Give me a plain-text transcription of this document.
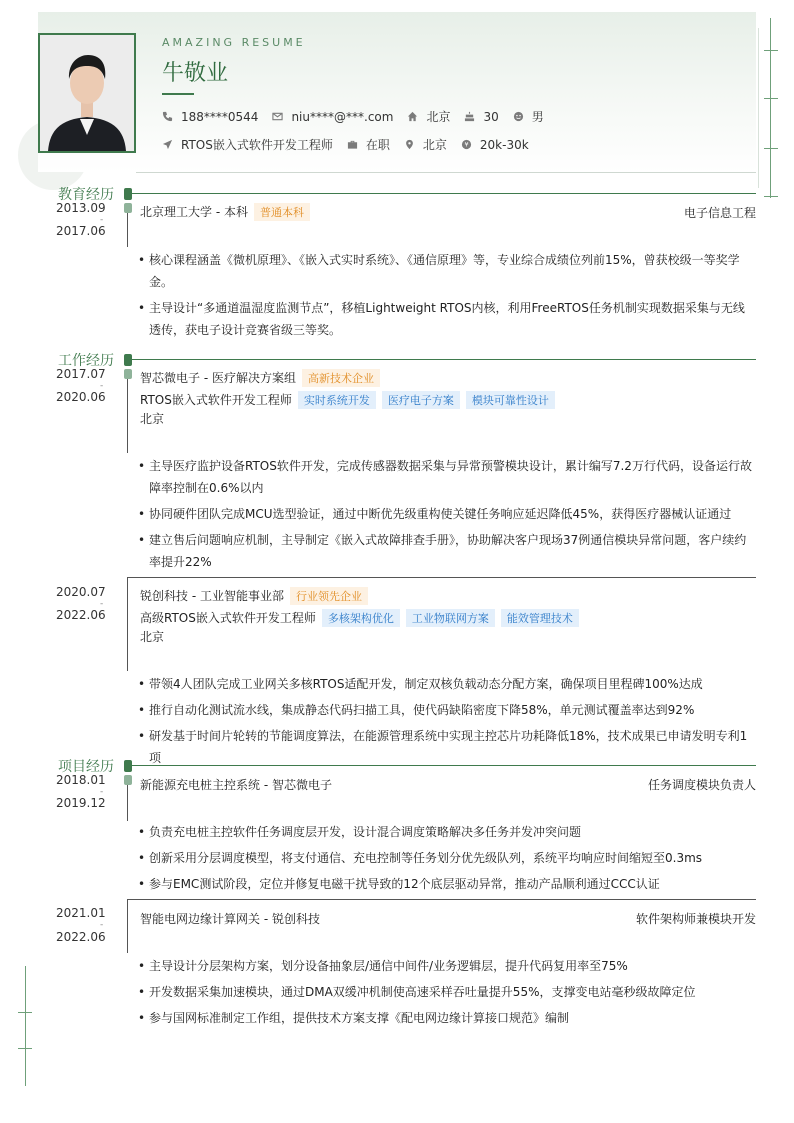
AMAZING RESUME
牛敬业
188****0544	niu****@***.com	北京	30	男
RTOS嵌入式软件开发工程师	在职	北京 ¥ 20k-30k
教育经历
2013.09
-
2017.06
北京理工大学 - 本科 普通本科	电子信息工程
• 核心课程涵盖《微机原理》、《嵌入式实时系统》、《通信原理》等，专业综合成绩位列前15%，曾获校级一等奖学金。
• 主导设计“多通道温湿度监测节点”，移植Lightweight RTOS内核，利用FreeRTOS任务机制实现数据采集与无线透传，获电子设计竞赛省级三等奖。
工作经历
2017.07
-
2020.06
智芯微电子 - 医疗解决方案组 高新技术企业
RTOS嵌入式软件开发工程师 实时系统开发 医疗电子方案 模块可靠性设计
北京
• 主导医疗监护设备RTOS软件开发，完成传感器数据采集与异常预警模块设计，累计编写7.2万行代码，设备运行故障率控制在0.6%以内
• 协同硬件团队完成MCU选型验证，通过中断优先级重构使关键任务响应延迟降低45%，获得医疗器械认证通过
• 建立售后问题响应机制，主导制定《嵌入式故障排查手册》，协助解决客户现场37例通信模块异常问题，客户续约率提升22%
2020.07
-
2022.06
锐创科技 - 工业智能事业部 行业领先企业
高级RTOS嵌入式软件开发工程师 多核架构优化 工业物联网方案 能效管理技术
北京
• 带领4人团队完成工业网关多核RTOS适配开发，制定双核负载动态分配方案，确保项目里程碑100%达成
• 推行自动化测试流水线，集成静态代码扫描工具，使代码缺陷密度下降58%，单元测试覆盖率达到92%
• 研发基于时间片轮转的节能调度算法，在能源管理系统中实现主控芯片功耗降低18%，技术成果已申请发明专利1项
项目经历
2018.01
-
2019.12
新能源充电桩主控系统 - 智芯微电子	任务调度模块负责人
• 负责充电桩主控软件任务调度层开发，设计混合调度策略解决多任务并发冲突问题
• 创新采用分层调度模型，将支付通信、充电控制等任务划分优先级队列，系统平均响应时间缩短至0.3ms
• 参与EMC测试阶段，定位并修复电磁干扰导致的12个底层驱动异常，推动产品顺利通过CCC认证
2021.01
-
2022.06
智能电网边缘计算网关 - 锐创科技	软件架构师兼模块开发
• 主导设计分层架构方案，划分设备抽象层/通信中间件/业务逻辑层，提升代码复用率至75%
• 开发数据采集加速模块，通过DMA双缓冲机制使高速采样吞吐量提升55%，支撑变电站毫秒级故障定位
• 参与国网标准制定工作组，提供技术方案支撑《配电网边缘计算接口规范》编制
